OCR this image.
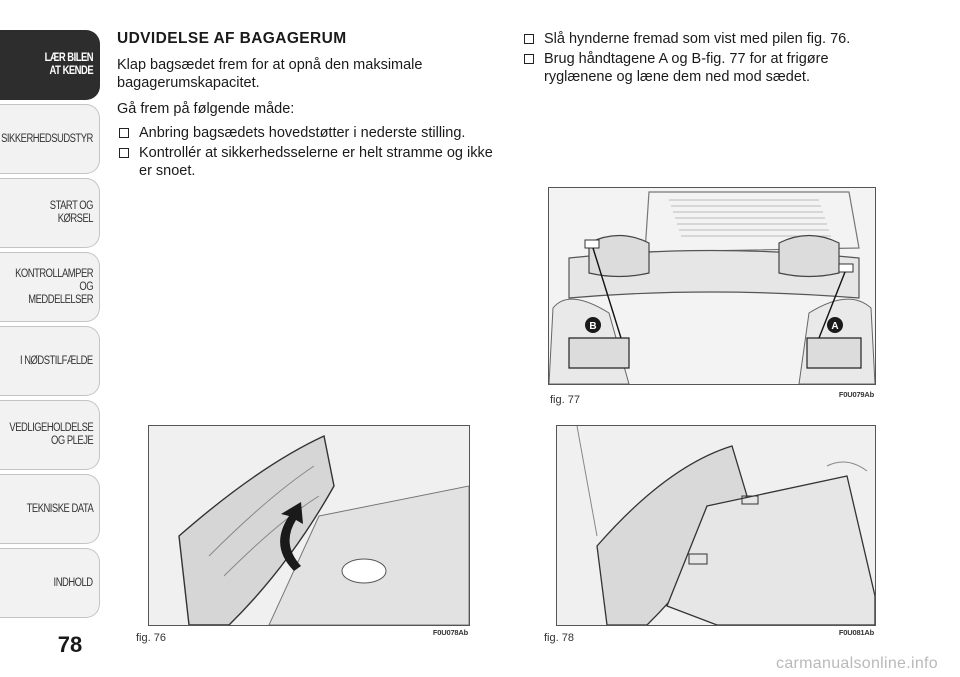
LÆR BILEN
AT KENDE
SIKKERHEDSUDSTYR
START OG KØRSEL
KONTROLLAMPER
OG MEDDELELSER
I NØDSTILFÆLDE
VEDLIGEHOLDELSE
OG PLEJE
TEKNISKE DATA
INDHOLD
78
UDVIDELSE AF BAGAGERUM

Klap bagsædet frem for at opnå den maksimale bagagerumskapacitet.

Gå frem på følgende måde:

Anbring bagsædets hovedstøtter i nederste stilling.
Kontrollér at sikkerhedsselerne er helt stramme og ikke er snoet.
Slå hynderne fremad som vist med pilen fig. 76.
Brug håndtagene A og B-fig. 77 for at frigøre ryglænene og læne dem ned mod sædet.
B	A
fig. 77	F0U079Ab
fig. 76	F0U078Ab	fig. 78	F0U081Ab
carmanualsonline.info
